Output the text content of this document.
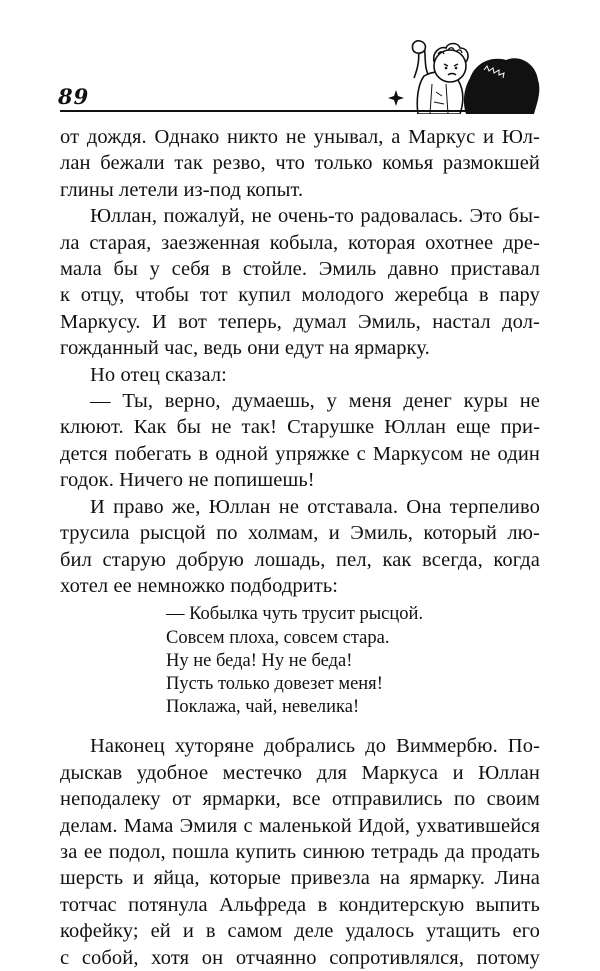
89

от дождя. Однако никто не унывал, а Маркус и Юл-
лан бежали так резво, что только комья размокшей

глины летели из-под копыт.

Юллан, пожалуй, не очень-то радовалась. Это бы-
ла старая, заезженная кобыла, которая охотнее дре-
мала бы у себя в стойле. Эмиль давно приставал
к отцу, чтобы тот купил молодого жеребца в пару
Маркусу. И вот теперь, думал Эмиль, настал дол-

гожданный час, ведь они едут на ярмарку.

Но отец сказал:

— Ты, верно, думаешь, у меня денег куры не
клюют. Как бы не так! Старушке Юллан еще при-
дется побегать в одной упряжке с Маркусом не один

годок. Ничего не попишешь!

И право же, Юллан не отставала. Она терпеливо
трусила рысцой по холмам, и Эмиль, который лю-
бил старую добрую лошадь, пел, как всегда, когда

хотел ее немножко подбодрить:

— Кобылка чуть трусит рысцой.
Совсем плоха, совсем стара.
Ну не беда! Ну не беда!
Пусть только довезет меня!
Поклажа, чай, невелика!

Наконец хуторяне добрались до Виммербю. По-
дыскав удобное местечко для Маркуса и Юллан
неподалеку от ярмарки, все отправились по своим
делам. Мама Эмиля с маленькой Идой, ухватившейся
за ее подол, пошла купить синюю тетрадь да продать
шерсть и яйца, которые привезла на ярмарку. Лина
тотчас потянула Альфреда в кондитерскую выпить
кофейку; ей и в самом деле удалось утащить его
с собой, хотя он отчаянно сопротивлялся, потому
